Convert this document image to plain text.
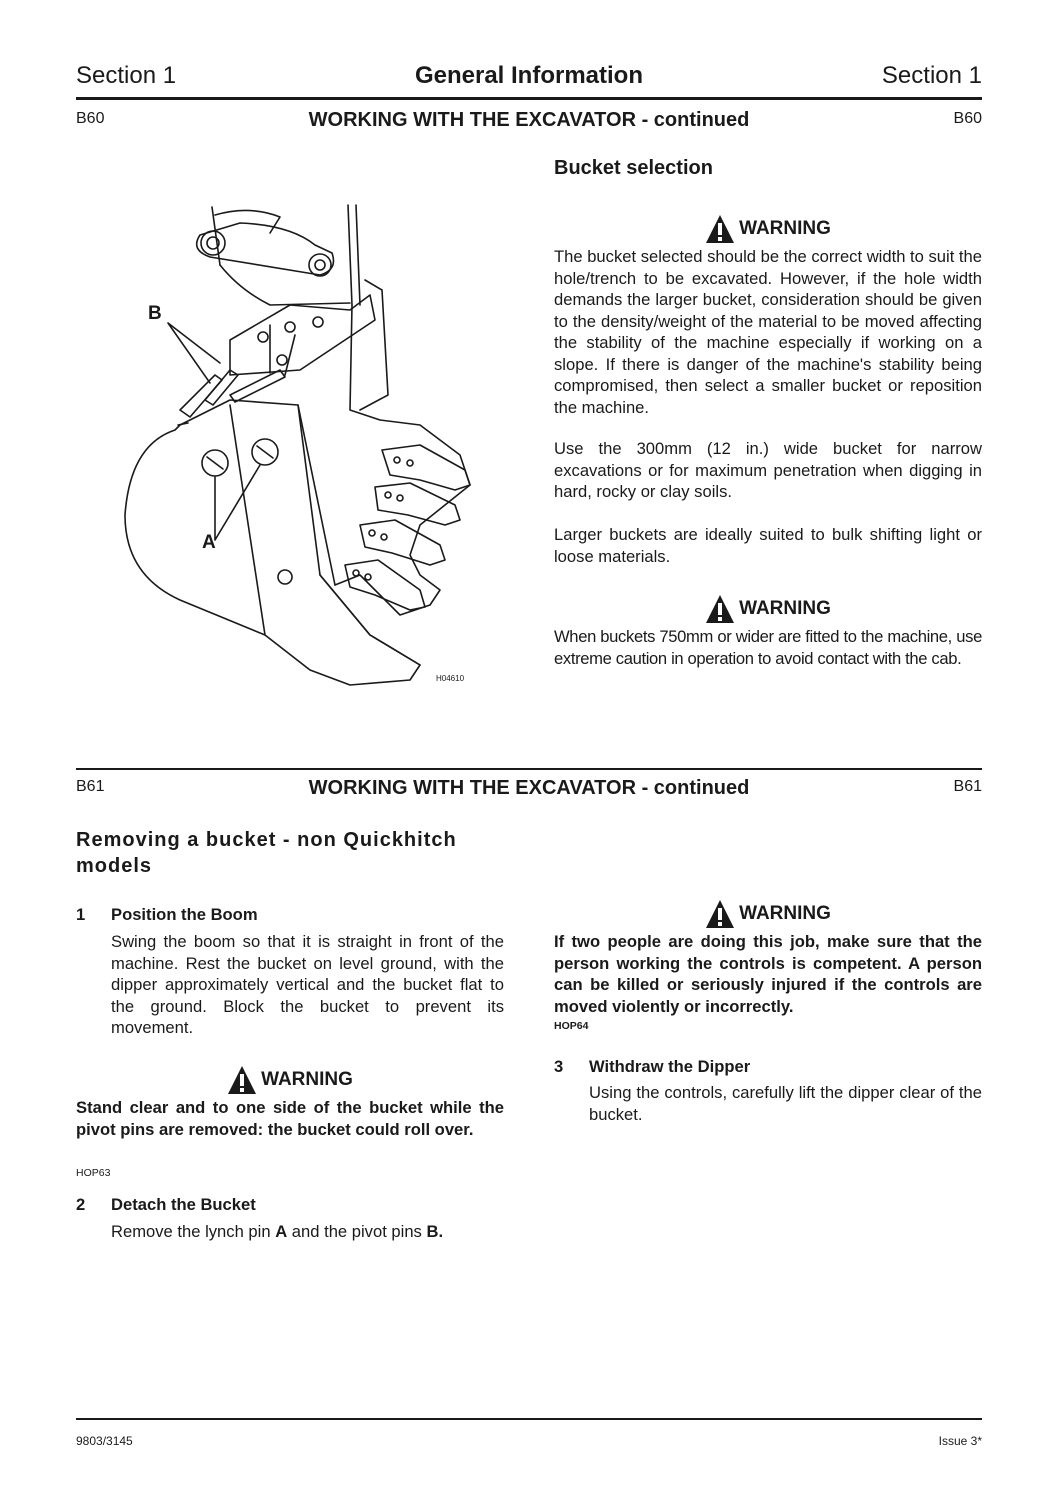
Section 1	General Information	Section 1
B60	WORKING WITH THE EXCAVATOR - continued	B60
B
A
H04610
Bucket selection
WARNING
The bucket selected should be the correct width to suit the hole/trench to be excavated. However, if the hole width demands the larger bucket, consideration should be given to the density/weight of the material to be moved affecting the stability of the machine especially if working on a slope. If there is danger of the machine's stability being compromised, then select a smaller bucket or reposition the machine.
Use the 300mm (12 in.) wide bucket for narrow excavations or for maximum penetration when digging in hard, rocky or clay soils.
Larger buckets are ideally suited to bulk shifting light or loose materials.
WARNING
When buckets 750mm or wider are fitted to the machine, use extreme caution in operation to avoid contact with the cab.
B61	WORKING WITH THE EXCAVATOR - continued	B61
Removing a bucket - non Quickhitch models
1 Position the Boom
Swing the boom so that it is straight in front of the machine. Rest the bucket on level ground, with the dipper approximately vertical and the bucket flat to the ground. Block the bucket to prevent its movement.
WARNING
Stand clear and to one side of the bucket while the pivot pins are removed: the bucket could roll over.
HOP63
2 Detach the Bucket
Remove the lynch pin A and the pivot pins B.
WARNING
If two people are doing this job, make sure that the person working the controls is competent. A person can be killed or seriously injured if the controls are moved violently or incorrectly.
HOP64
3 Withdraw the Dipper
Using the controls, carefully lift the dipper clear of the bucket.
9803/3145	Issue 3*
